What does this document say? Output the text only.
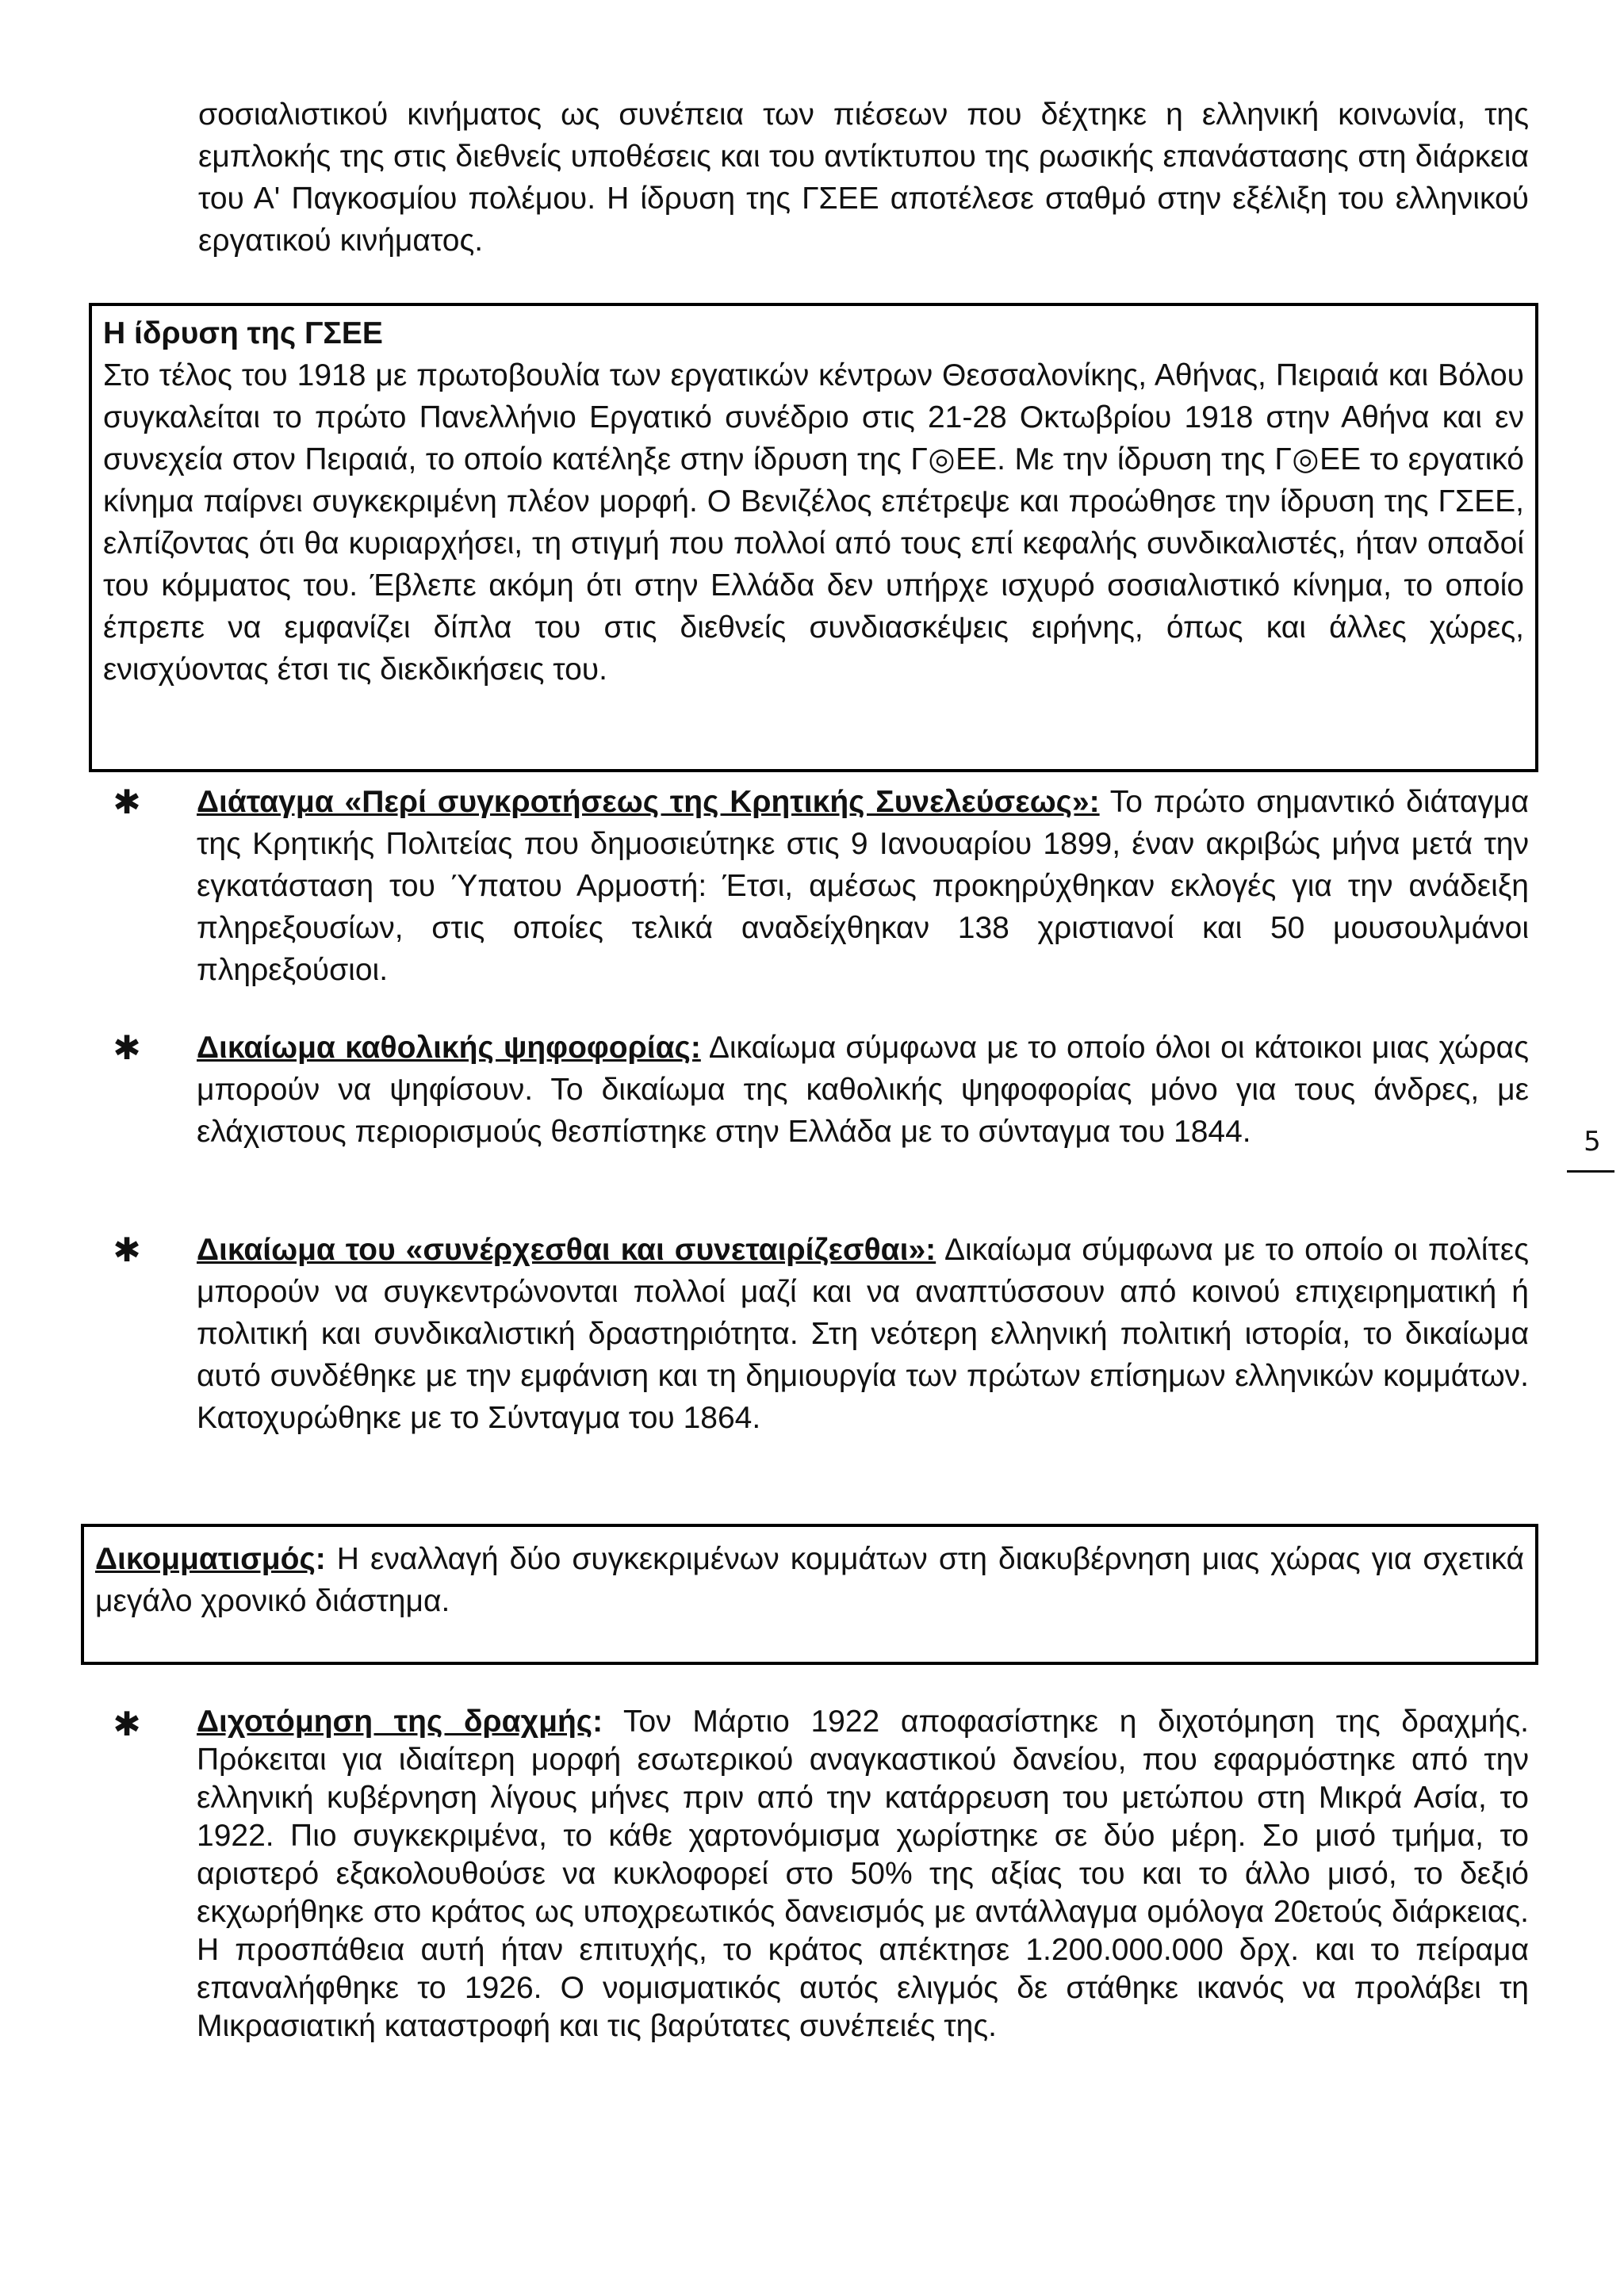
σοσιαλιστικού κινήματος ως συνέπεια των πιέσεων που δέχτηκε η ελληνική κοινωνία, της εμπλοκής της στις διεθνείς υποθέσεις και του αντίκτυπου της ρωσικής επανάστασης στη διάρκεια του Α' Παγκοσμίου πολέμου. Η ίδρυση της ΓΣΕΕ αποτέλεσε σταθμό στην εξέλιξη του ελληνικού εργατικού κινήματος.

Η ίδρυση της ΓΣΕΕ

Στο τέλος του 1918 με πρωτοβουλία των εργατικών κέντρων Θεσσαλονίκης, Αθήνας, Πειραιά και Βόλου συγκαλείται το πρώτο Πανελλήνιο Εργατικό συνέδριο στις 21-28 Οκτωβρίου 1918 στην Αθήνα και εν συνεχεία στον Πειραιά, το οποίο κατέληξε στην ίδρυση της Γ◎ΕΕ. Με την ίδρυση της Γ◎ΕΕ το εργατικό κίνημα παίρνει συγκεκριμένη πλέον μορφή. Ο Βενιζέλος επέτρεψε και προώθησε την ίδρυση της ΓΣΕΕ, ελπίζοντας ότι θα κυριαρχήσει, τη στιγμή που πολλοί από τους επί κεφαλής συνδικαλιστές, ήταν οπαδοί του κόμματος του. Έβλεπε ακόμη ότι στην Ελλάδα δεν υπήρχε ισχυρό σοσιαλιστικό κίνημα, το οποίο έπρεπε να εμφανίζει δίπλα του στις διεθνείς συνδιασκέψεις ειρήνης, όπως και άλλες χώρες, ενισχύοντας έτσι τις διεκδικήσεις του.

✱ Διάταγμα «Περί συγκροτήσεως της Κρητικής Συνελεύσεως»: Το πρώτο σημαντικό διάταγμα της Κρητικής Πολιτείας που δημοσιεύτηκε στις 9 Ιανουαρίου 1899, έναν ακριβώς μήνα μετά την εγκατάσταση του Ύπατου Αρμοστή: Έτσι, αμέσως προκηρύχθηκαν εκλογές για την ανάδειξη πληρεξουσίων, στις οποίες τελικά αναδείχθηκαν 138 χριστιανοί και 50 μουσουλμάνοι πληρεξούσιοι.

✱ Δικαίωμα καθολικής ψηφοφορίας: Δικαίωμα σύμφωνα με το οποίο όλοι οι κάτοικοι μιας χώρας μπορούν να ψηφίσουν. Το δικαίωμα της καθολικής ψηφοφορίας μόνο για τους άνδρες, με ελάχιστους περιορισμούς θεσπίστηκε στην Ελλάδα με το σύνταγμα του 1844.

✱ Δικαίωμα του «συνέρχεσθαι και συνεταιρίζεσθαι»: Δικαίωμα σύμφωνα με το οποίο οι πολίτες μπορούν να συγκεντρώνονται πολλοί μαζί και να αναπτύσσουν από κοινού επιχειρηματική ή πολιτική και συνδικαλιστική δραστηριότητα. Στη νεότερη ελληνική πολιτική ιστορία, το δικαίωμα αυτό συνδέθηκε με την εμφάνιση και τη δημιουργία των πρώτων επίσημων ελληνικών κομμάτων. Κατοχυρώθηκε με το Σύνταγμα του 1864.

Δικομματισμός: Η εναλλαγή δύο συγκεκριμένων κομμάτων στη διακυβέρνηση μιας χώρας για σχετικά μεγάλο χρονικό διάστημα.

✱ Διχοτόμηση της δραχμής: Τον Μάρτιο 1922 αποφασίστηκε η διχοτόμηση της δραχμής. Πρόκειται για ιδιαίτερη μορφή εσωτερικού αναγκαστικού δανείου, που εφαρμόστηκε από την ελληνική κυβέρνηση λίγους μήνες πριν από την κατάρρευση του μετώπου στη Μικρά Ασία, το 1922. Πιο συγκεκριμένα, το κάθε χαρτονόμισμα χωρίστηκε σε δύο μέρη. Σο μισό τμήμα, το αριστερό εξακολουθούσε να κυκλοφορεί στο 50% της αξίας του και το άλλο μισό, το δεξιό εκχωρήθηκε στο κράτος ως υποχρεωτικός δανεισμός με αντάλλαγμα ομόλογα 20ετούς διάρκειας. Η προσπάθεια αυτή ήταν επιτυχής, το κράτος απέκτησε 1.200.000.000 δρχ. και το πείραμα επαναλήφθηκε το 1926. Ο νομισματικός αυτός ελιγμός δε στάθηκε ικανός να προλάβει τη Μικρασιατική καταστροφή και τις βαρύτατες συνέπειές της.

5
